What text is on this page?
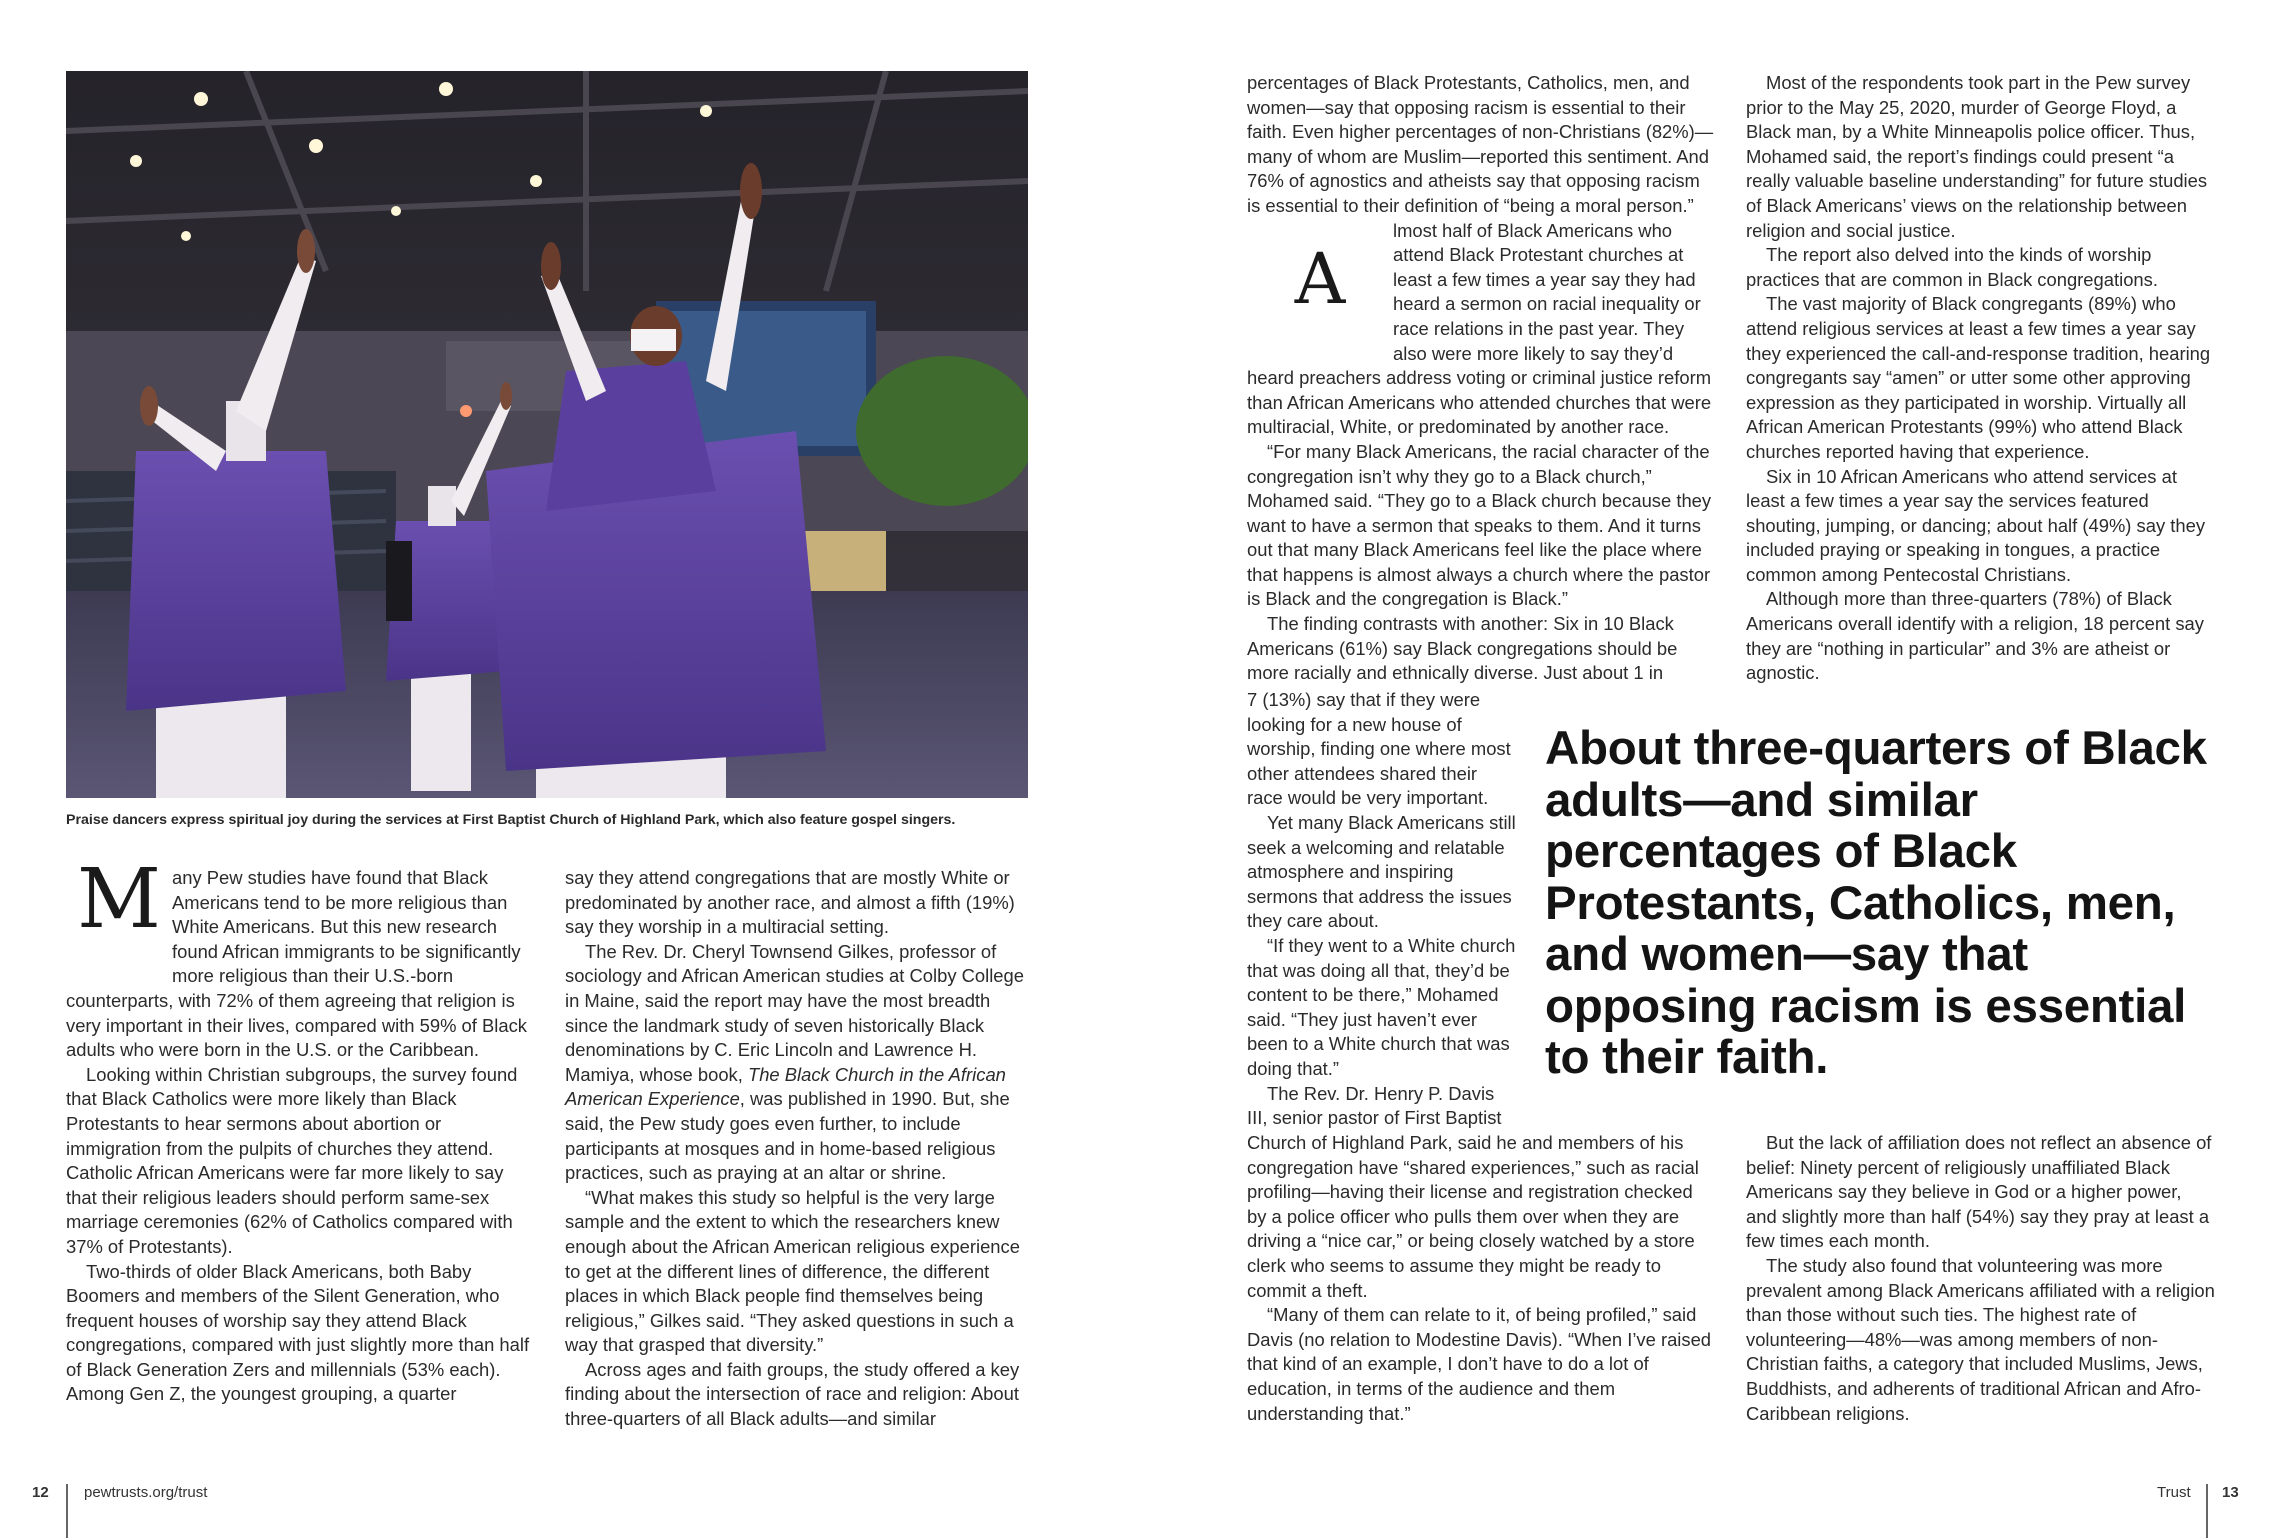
Praise dancers express spiritual joy during the services at First Baptist Church of Highland Park, which also feature gospel singers.

M any Pew studies have found that Black Americans tend to be more religious than White Americans. But this new research found African immigrants to be significantly more religious than their U.S.-born counterparts, with 72% of them agreeing that religion is very important in their lives, compared with 59% of Black adults who were born in the U.S. or the Caribbean.

Looking within Christian subgroups, the survey found that Black Catholics were more likely than Black Protestants to hear sermons about abortion or immigration from the pulpits of churches they attend. Catholic African Americans were far more likely to say that their religious leaders should perform same-sex marriage ceremonies (62% of Catholics compared with 37% of Protestants).

Two-thirds of older Black Americans, both Baby Boomers and members of the Silent Generation, who frequent houses of worship say they attend Black congregations, compared with just slightly more than half of Black Generation Zers and millennials (53% each). Among Gen Z, the youngest grouping, a quarter

say they attend congregations that are mostly White or predominated by another race, and almost a fifth (19%) say they worship in a multiracial setting.

The Rev. Dr. Cheryl Townsend Gilkes, professor of sociology and African American studies at Colby College in Maine, said the report may have the most breadth since the landmark study of seven historically Black denominations by C. Eric Lincoln and Lawrence H. Mamiya, whose book, The Black Church in the African American Experience, was published in 1990. But, she said, the Pew study goes even further, to include participants at mosques and in home-based religious practices, such as praying at an altar or shrine.

“What makes this study so helpful is the very large sample and the extent to which the researchers knew enough about the African American religious experience to get at the different lines of difference, the different places in which Black people find themselves being religious,” Gilkes said. “They asked questions in such a way that grasped that diversity.”

Across ages and faith groups, the study offered a key finding about the intersection of race and religion: About three-quarters of all Black adults—and similar

percentages of Black Protestants, Catholics, men, and women—say that opposing racism is essential to their faith. Even higher percentages of non-Christians (82%)—many of whom are Muslim—reported this sentiment. And 76% of agnostics and atheists say that opposing racism is essential to their definition of “being a moral person.”

A
lmost half of Black Americans who attend Black Protestant churches at least a few times a year say they had heard a sermon on racial inequality or race relations in the past year. They also were more likely to say they’d heard preachers address voting or criminal justice reform than African Americans who attended churches that were multiracial, White, or predominated by another race.

“For many Black Americans, the racial character of the congregation isn’t why they go to a Black church,” Mohamed said. “They go to a Black church because they want to have a sermon that speaks to them. And it turns out that many Black Americans feel like the place where that happens is almost always a church where the pastor is Black and the congregation is Black.”

The finding contrasts with another: Six in 10 Black Americans (61%) say Black congregations should be more racially and ethnically diverse. Just about 1 in

7 (13%) say that if they were looking for a new house of worship, finding one where most other attendees shared their race would be very important.

Yet many Black Americans still seek a welcoming and relatable atmosphere and inspiring sermons that address the issues they care about.

“If they went to a White church that was doing all that, they’d be content to be there,” Mohamed said. “They just haven’t ever been to a White church that was doing that.”

The Rev. Dr. Henry P. Davis III, senior pastor of First Baptist

Church of Highland Park, said he and members of his congregation have “shared experiences,” such as racial profiling—having their license and registration checked by a police officer who pulls them over when they are driving a “nice car,” or being closely watched by a store clerk who seems to assume they might be ready to commit a theft.

“Many of them can relate to it, of being profiled,” said Davis (no relation to Modestine Davis). “When I’ve raised that kind of an example, I don’t have to do a lot of education, in terms of the audience and them understanding that.”

Most of the respondents took part in the Pew survey prior to the May 25, 2020, murder of George Floyd, a Black man, by a White Minneapolis police officer. Thus, Mohamed said, the report’s findings could present “a really valuable baseline understanding” for future studies of Black Americans’ views on the relationship between religion and social justice.

The report also delved into the kinds of worship practices that are common in Black congregations.

The vast majority of Black congregants (89%) who attend religious services at least a few times a year say they experienced the call-and-response tradition, hearing congregants say “amen” or utter some other approving expression as they participated in worship. Virtually all African American Protestants (99%) who attend Black churches reported having that experience.

Six in 10 African Americans who attend services at least a few times a year say the services featured shouting, jumping, or dancing; about half (49%) say they included praying or speaking in tongues, a practice common among Pentecostal Christians.

Although more than three-quarters (78%) of Black Americans overall identify with a religion, 18 percent say they are “nothing in particular” and 3% are atheist or agnostic.

About three-quarters of Black adults—and similar percentages of Black Protestants, Catholics, men, and women—say that opposing racism is essential to their faith.

But the lack of affiliation does not reflect an absence of belief: Ninety percent of religiously unaffiliated Black Americans say they believe in God or a higher power, and slightly more than half (54%) say they pray at least a few times each month.

The study also found that volunteering was more prevalent among Black Americans affiliated with a religion than those without such ties. The highest rate of volunteering—48%—was among members of non-Christian faiths, a category that included Muslims, Jews, Buddhists, and adherents of traditional African and Afro-Caribbean religions.

12 pewtrusts.org/trust	Trust 13
